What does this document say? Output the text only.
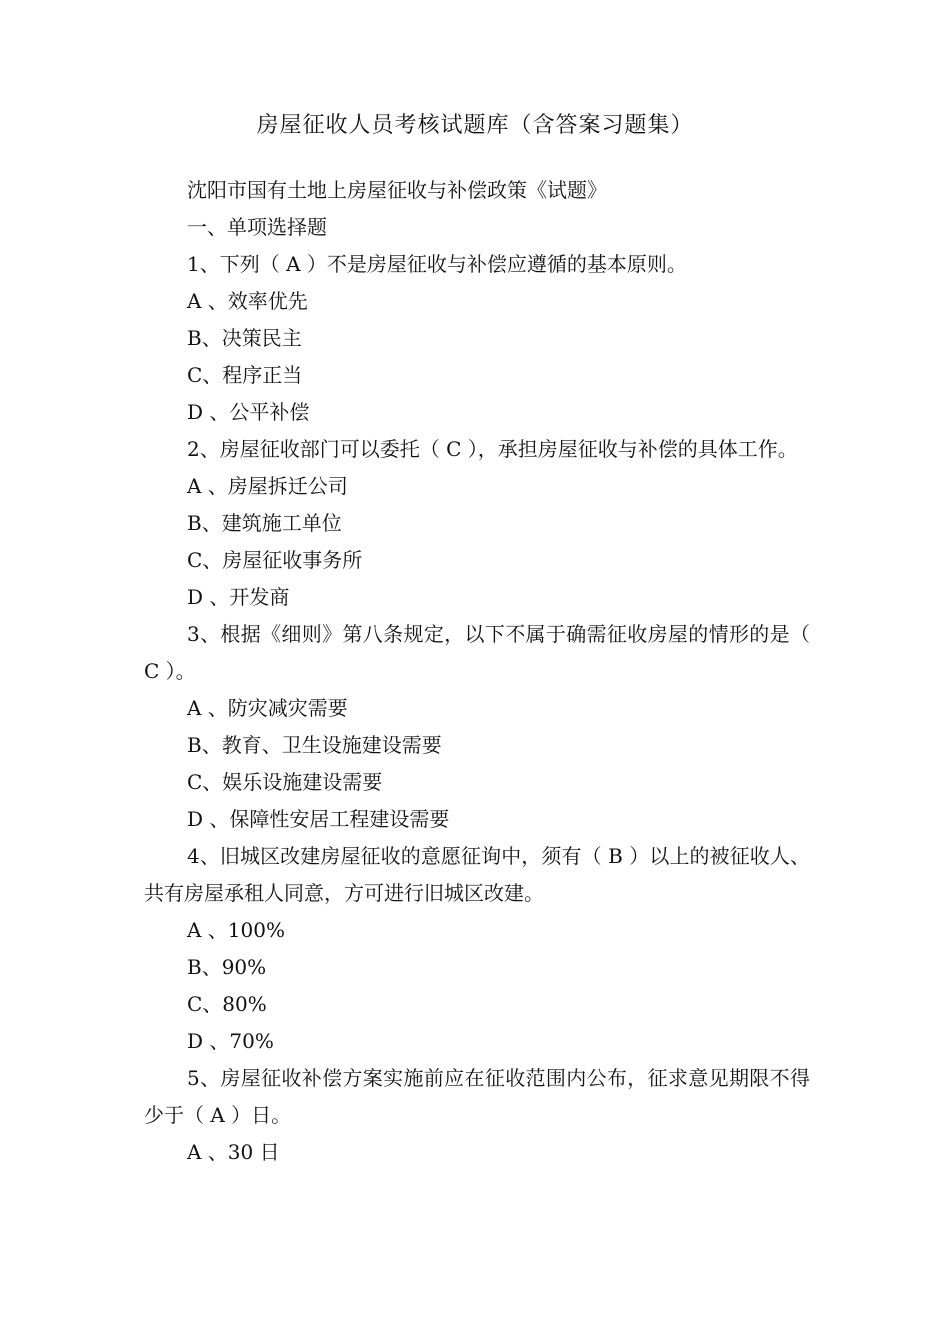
房屋征收人员考核试题库（含答案习题集）
沈阳市国有土地上房屋征收与补偿政策《试题》
一、单项选择题
1、下列（ A ）不是房屋征收与补偿应遵循的基本原则。
A 、效率优先
B、决策民主
C、程序正当
D 、公平补偿
2、房屋征收部门可以委托（ C ），承担房屋征收与补偿的具体工作。
A 、房屋拆迁公司
B、建筑施工单位
C、房屋征收事务所
D 、开发商
3、根据《细则》第八条规定，以下不属于确需征收房屋的情形的是（ C ）。
A 、防灾减灾需要
B、教育、卫生设施建设需要
C、娱乐设施建设需要
D 、保障性安居工程建设需要
4、旧城区改建房屋征收的意愿征询中，须有（ B ）以上的被征收人、共有房屋承租人同意，方可进行旧城区改建。
A 、100%
B、90%
C、80%
D 、70%
5、房屋征收补偿方案实施前应在征收范围内公布，征求意见期限不得少于（ A ）日。
A 、30 日
